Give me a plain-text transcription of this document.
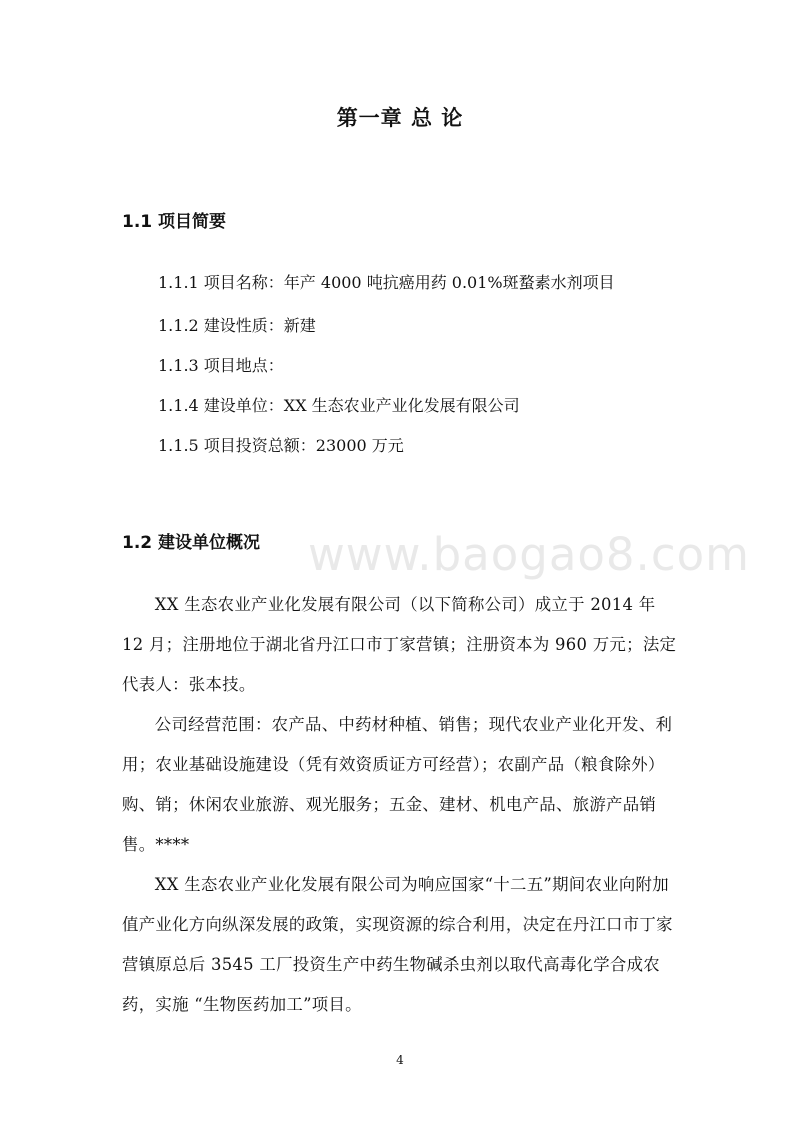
第一章 总 论
1.1 项目简要

1.1.1 项目名称：年产 4000 吨抗癌用药 0.01%斑蝥素水剂项目

1.1.2 建设性质：新建

1.1.3 项目地点：

1.1.4 建设单位：XX 生态农业产业化发展有限公司

1.1.5 项目投资总额：23000 万元

1.2 建设单位概况 www.baogao8.com

XX 生态农业产业化发展有限公司（以下简称公司）成立于 2014 年 12 月；注册地位于湖北省丹江口市丁家营镇；注册资本为 960 万元；法定代表人：张本技。

公司经营范围：农产品、中药材种植、销售；现代农业产业化开发、利用；农业基础设施建设（凭有效资质证方可经营）；农副产品（粮食除外）购、销；休闲农业旅游、观光服务；五金、建材、机电产品、旅游产品销售。****

XX 生态农业产业化发展有限公司为响应国家“十二五”期间农业向附加值产业化方向纵深发展的政策，实现资源的综合利用，决定在丹江口市丁家营镇原总后 3545 工厂投资生产中药生物碱杀虫剂以取代高毒化学合成农药，实施 “生物医药加工”项目。

4
